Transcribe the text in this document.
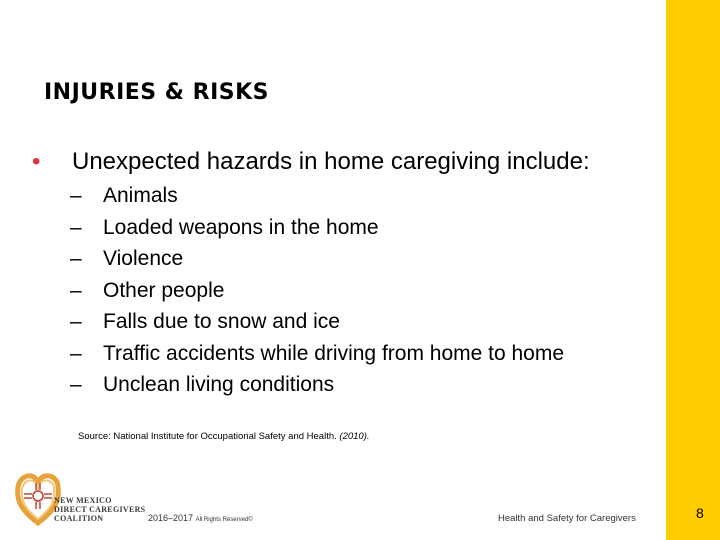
INJURIES & RISKS
• Unexpected hazards in home caregiving include:
– Animals
– Loaded weapons in the home
– Violence
– Other people
– Falls due to snow and ice
– Traffic accidents while driving from home to home
– Unclean living conditions
Source: National Institute for Occupational Safety and Health. (2010).
NEW MEXICO
DIRECT CAREGIVERS
COALITION	2016–2017 All Rights Reserved©	Health and Safety for Caregivers	8
